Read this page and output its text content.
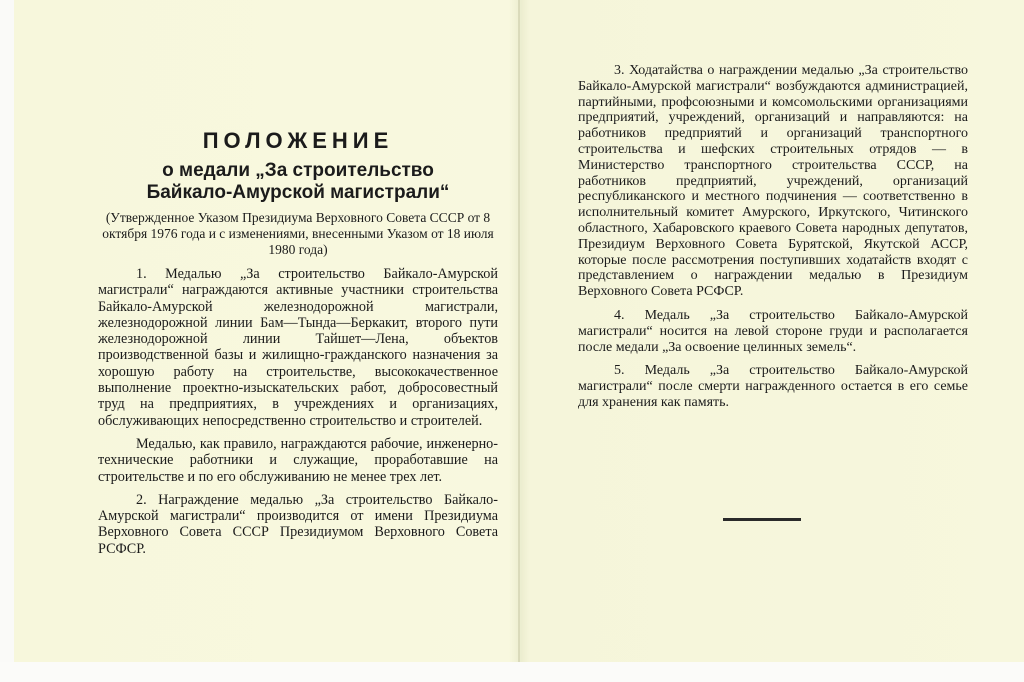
ПОЛОЖЕНИЕ

о медали „За строительство

Байкало-Амурской магистрали“

(Утвержденное Указом Президиума Верховного Совета СССР от 8 октября 1976 года и с изменениями, внесенными Указом от 18 июля 1980 года)

1. Медалью „За строительство Байкало-Амурской магистрали“ награждаются активные участники строительства Байкало-Амурской железнодорожной магистрали, железнодорожной линии Бам—Тында—Беркакит, второго пути железнодорожной линии Тайшет—Лена, объектов производственной базы и жилищно-гражданского назначения за хорошую работу на строительстве, высококачественное выполнение проектно-изыскательских работ, добросовестный труд на предприятиях, в учреждениях и организациях, обслуживающих непосредственно строительство и строителей.

Медалью, как правило, награждаются рабочие, инженерно-технические работники и служащие, проработавшие на строительстве и по его обслуживанию не менее трех лет.

2. Награждение медалью „За строительство Байкало-Амурской магистрали“ производится от имени Президиума Верховного Совета СССР Президиумом Верховного Совета РСФСР.

3. Ходатайства о награждении медалью „За строительство Байкало-Амурской магистрали“ возбуждаются администрацией, партийными, профсоюзными и комсомольскими организациями предприятий, учреждений, организаций и направляются: на работников предприятий и организаций транспортного строительства и шефских строительных отрядов — в Министерство транспортного строительства СССР, на работников предприятий, учреждений, организаций республиканского и местного подчинения — соответственно в исполнительный комитет Амурского, Иркутского, Читинского областного, Хабаровского краевого Совета народных депутатов, Президиум Верховного Совета Бурятской, Якутской АССР, которые после рассмотрения поступивших ходатайств входят с представлением о награждении медалью в Президиум Верховного Совета РСФСР.

4. Медаль „За строительство Байкало-Амурской магистрали“ носится на левой стороне груди и располагается после медали „За освоение целинных земель“.

5. Медаль „За строительство Байкало-Амурской магистрали“ после смерти награжденного остается в его семье для хранения как память.
